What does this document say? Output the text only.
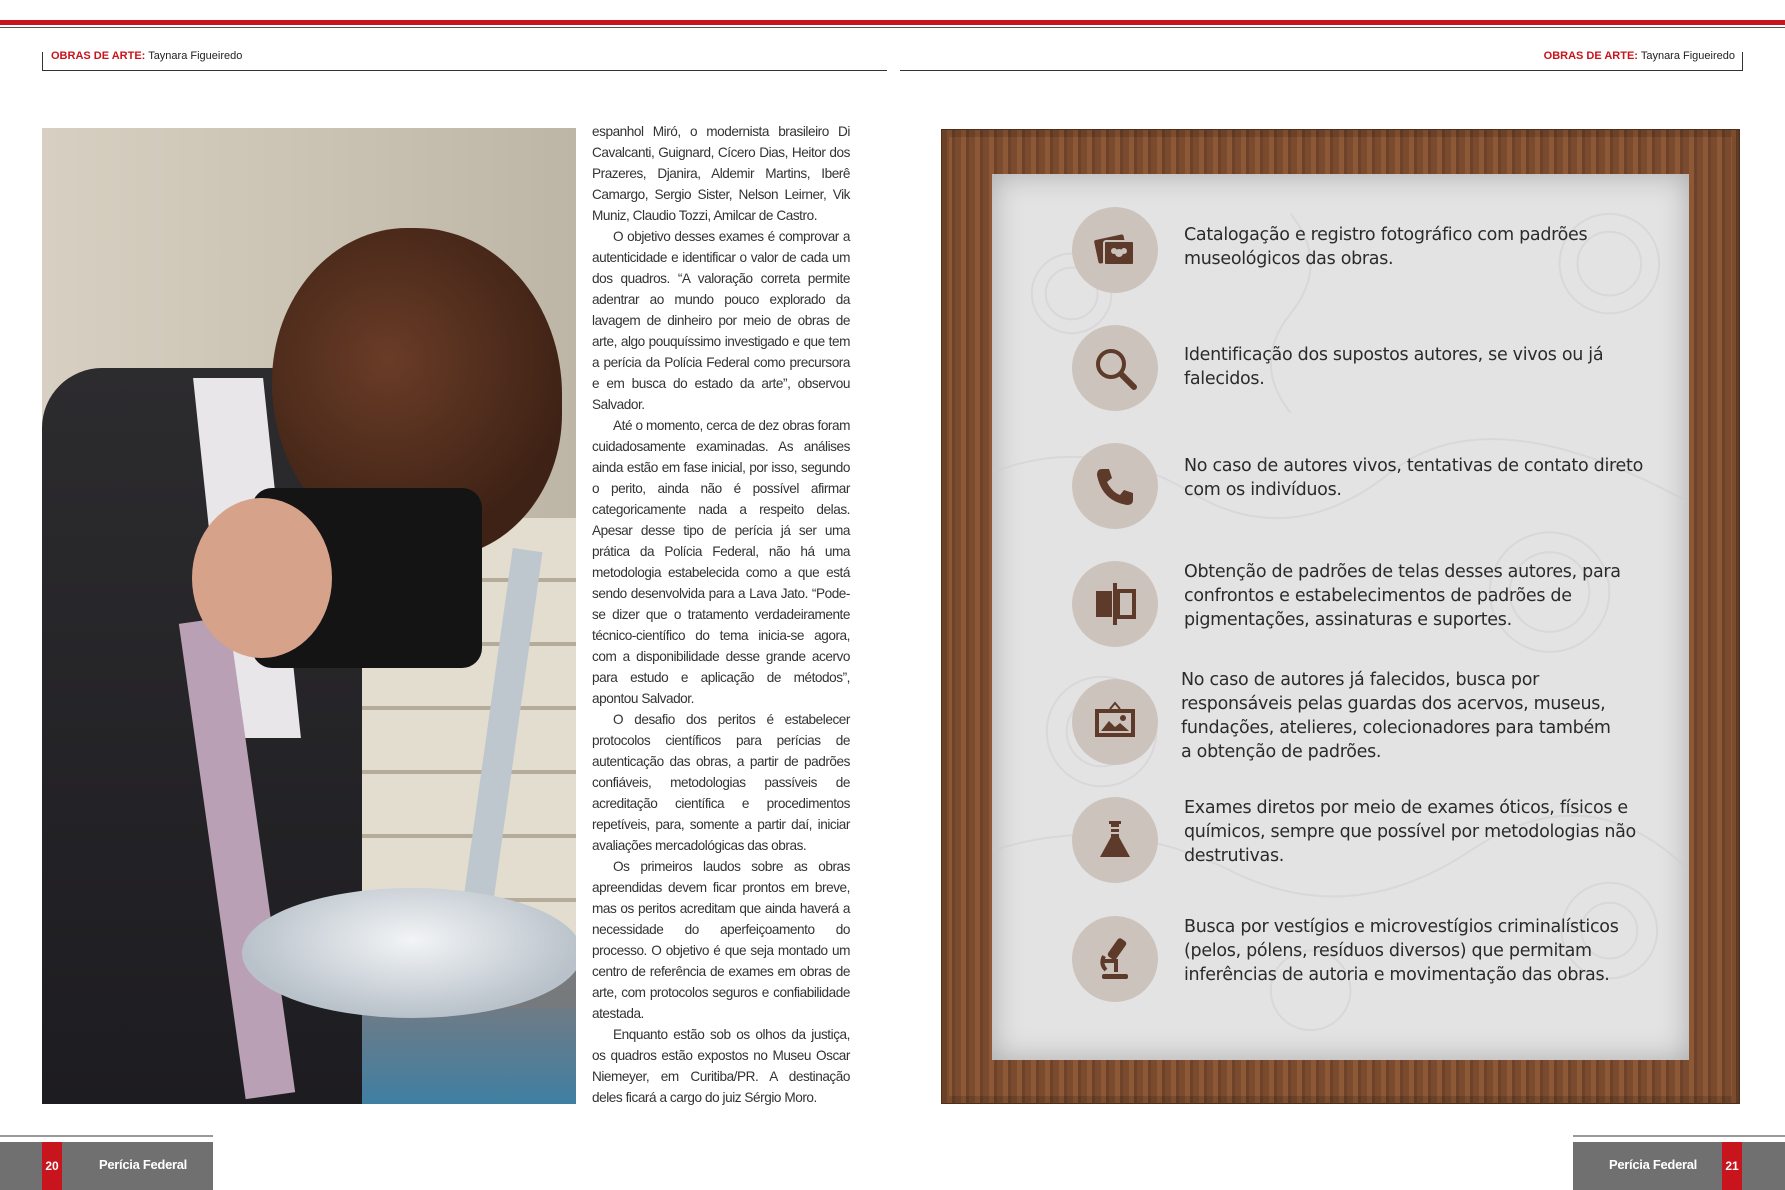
OBRAS DE ARTE: Taynara Figueiredo	OBRAS DE ARTE: Taynara Figueiredo

espanhol Miró, o modernista brasileiro Di Cavalcanti, Guignard, Cícero Dias, Heitor dos Prazeres, Djanira, Aldemir Martins, Iberê Camargo, Sergio Sister, Nelson Leirner, Vik Muniz, Claudio Tozzi, Amilcar de Castro.

O objetivo desses exames é comprovar a autenticidade e identificar o valor de cada um dos quadros. “A valoração correta permite adentrar ao mundo pouco explorado da lavagem de dinheiro por meio de obras de arte, algo pouquíssimo investigado e que tem a perícia da Polícia Federal como precursora e em busca do estado da arte”, observou Salvador.

Até o momento, cerca de dez obras foram cuidadosamente examinadas. As análises ainda estão em fase inicial, por isso, segundo o perito, ainda não é possível afirmar categoricamente nada a respeito delas. Apesar desse tipo de perícia já ser uma prática da Polícia Federal, não há uma metodologia estabelecida como a que está sendo desenvolvida para a Lava Jato. “Pode-se dizer que o tratamento verdadeiramente técnico-científico do tema inicia-se agora, com a disponibilidade desse grande acervo para estudo e aplicação de métodos”, apontou Salvador.

O desafio dos peritos é estabelecer protocolos científicos para perícias de autenticação das obras, a partir de padrões confiáveis, metodologias passíveis de acreditação científica e procedimentos repetíveis, para, somente a partir daí, iniciar avaliações mercadológicas das obras.

Os primeiros laudos sobre as obras apreendidas devem ficar prontos em breve, mas os peritos acreditam que ainda haverá a necessidade do aperfeiçoamento do processo. O objetivo é que seja montado um centro de referência de exames em obras de arte, com protocolos seguros e confiabilidade atestada.

Enquanto estão sob os olhos da justiça, os quadros estão expostos no Museu Oscar Niemeyer, em Curitiba/PR. A destinação deles ficará a cargo do juiz Sérgio Moro.

Catalogação e registro fotográfico com padrões museológicos das obras.
Identificação dos supostos autores, se vivos ou já falecidos.
No caso de autores vivos, tentativas de contato direto com os indivíduos.
Obtenção de padrões de telas desses autores, para confrontos e estabelecimentos de padrões de pigmentações, assinaturas e suportes.
No caso de autores já falecidos, busca por responsáveis pelas guardas dos acervos, museus, fundações, atelieres, colecionadores para também a obtenção de padrões.
Exames diretos por meio de exames óticos, físicos e químicos, sempre que possível por metodologias não destrutivas.
Busca por vestígios e microvestígios criminalísticos (pelos, pólens, resíduos diversos) que permitam inferências de autoria e movimentação das obras.
20	21
Perícia Federal	Perícia Federal
